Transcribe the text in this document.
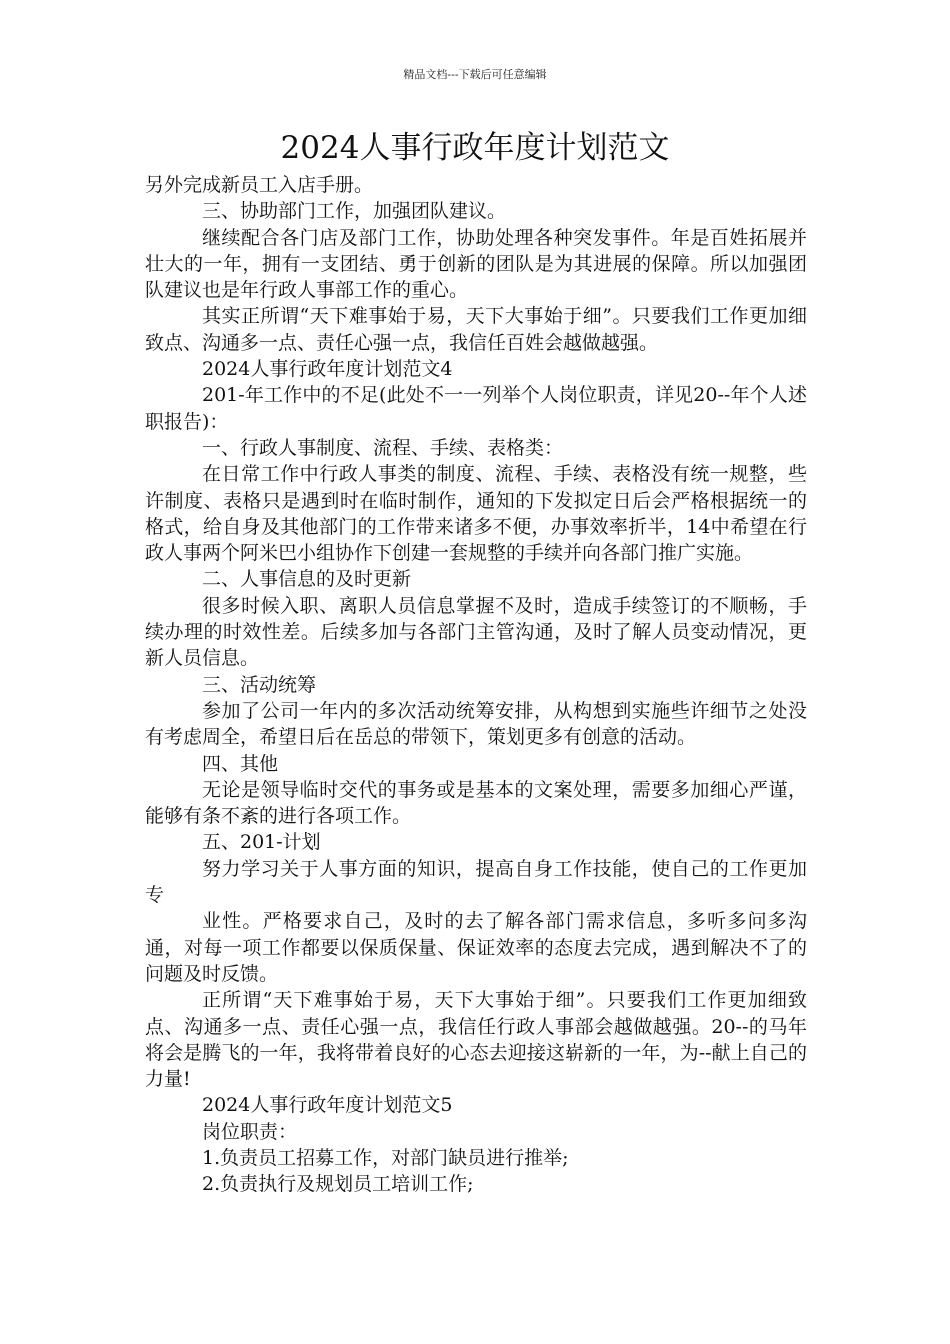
精品文档---下载后可任意编辑
2024人事行政年度计划范文

另外完成新员工入店手册。

三、协助部门工作，加强团队建议。

继续配合各门店及部门工作，协助处理各种突发事件。年是百姓拓展并壮大的一年，拥有一支团结、勇于创新的团队是为其进展的保障。所以加强团队建议也是年行政人事部工作的重心。

其实正所谓“天下难事始于易，天下大事始于细”。只要我们工作更加细致点、沟通多一点、责任心强一点，我信任百姓会越做越强。

2024人事行政年度计划范文4

201-年工作中的不足(此处不一一列举个人岗位职责，详见20--年个人述职报告)：

一、行政人事制度、流程、手续、表格类：

在日常工作中行政人事类的制度、流程、手续、表格没有统一规整，些许制度、表格只是遇到时在临时制作，通知的下发拟定日后会严格根据统一的格式，给自身及其他部门的工作带来诸多不便，办事效率折半，14中希望在行政人事两个阿米巴小组协作下创建一套规整的手续并向各部门推广实施。

二、人事信息的及时更新

很多时候入职、离职人员信息掌握不及时，造成手续签订的不顺畅，手续办理的时效性差。后续多加与各部门主管沟通，及时了解人员变动情况，更新人员信息。

三、活动统筹

参加了公司一年内的多次活动统筹安排，从构想到实施些许细节之处没有考虑周全，希望日后在岳总的带领下，策划更多有创意的活动。

四、其他

无论是领导临时交代的事务或是基本的文案处理，需要多加细心严谨，能够有条不紊的进行各项工作。

五、201-计划

努力学习关于人事方面的知识，提高自身工作技能，使自己的工作更加专

业性。严格要求自己，及时的去了解各部门需求信息，多听多问多沟通，对每一项工作都要以保质保量、保证效率的态度去完成，遇到解决不了的问题及时反馈。

正所谓“天下难事始于易，天下大事始于细”。只要我们工作更加细致点、沟通多一点、责任心强一点，我信任行政人事部会越做越强。20--的马年将会是腾飞的一年，我将带着良好的心态去迎接这崭新的一年，为--献上自己的力量!

2024人事行政年度计划范文5

岗位职责：

1.负责员工招募工作，对部门缺员进行推举;

2.负责执行及规划员工培训工作;
